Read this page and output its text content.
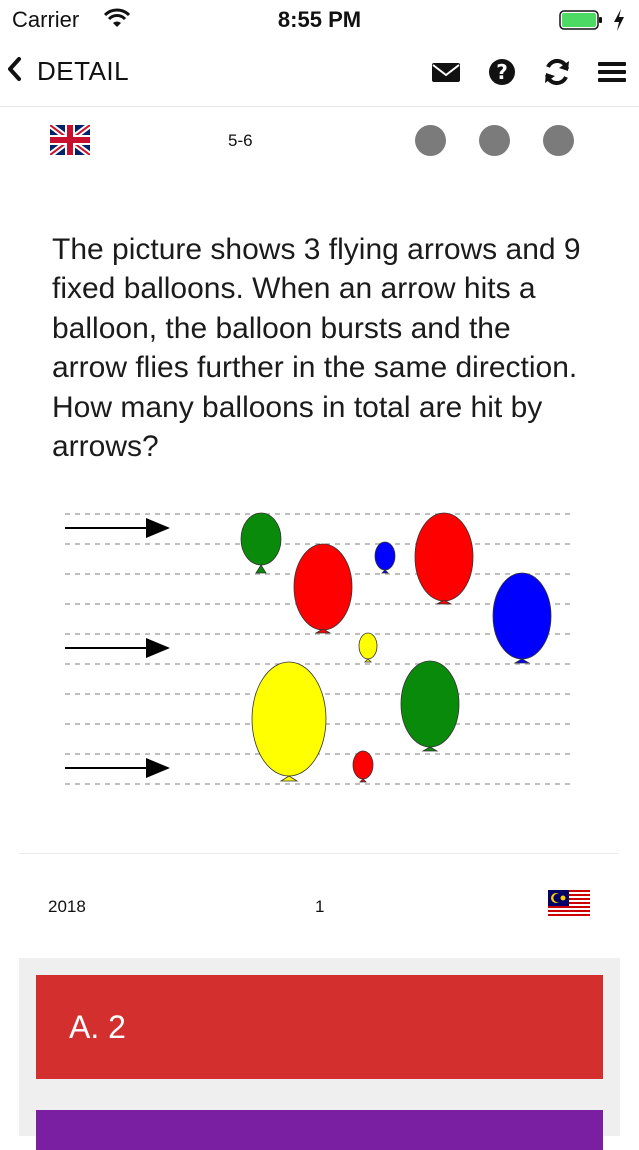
Carrier	8:55 PM
DETAIL	?
5-6
The picture shows 3 flying arrows and 9 fixed balloons. When an arrow hits a balloon, the balloon bursts and the arrow flies further in the same direction. How many balloons in total are hit by arrows?
2018	1
A. 2
